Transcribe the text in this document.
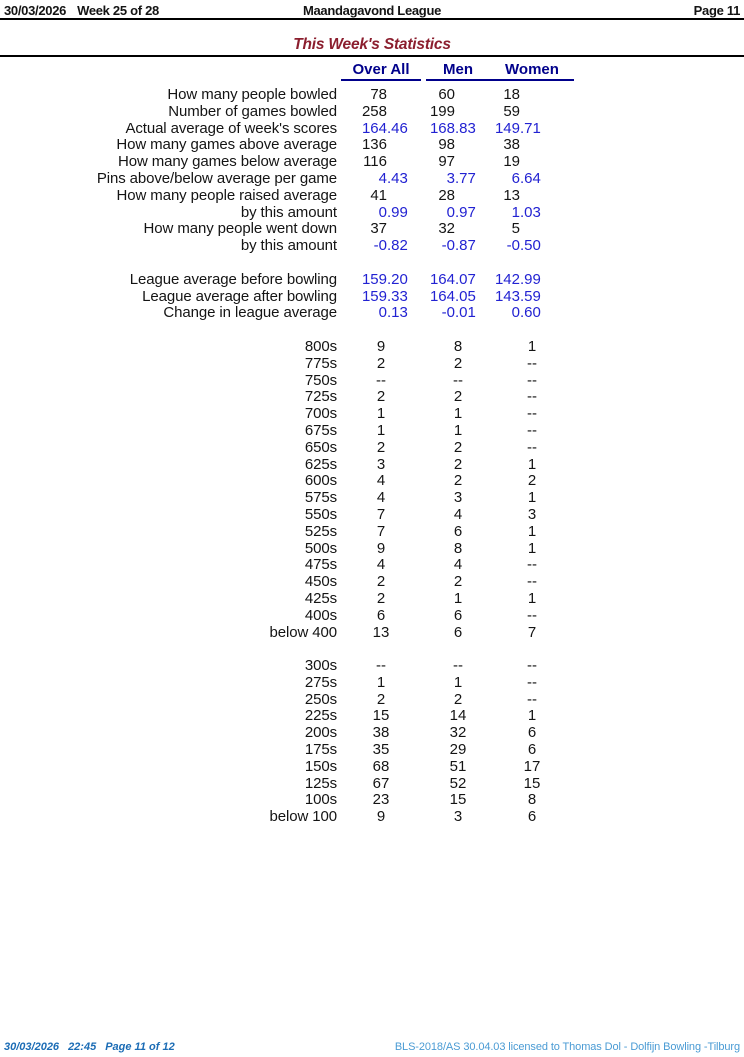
30/03/2026 Week 25 of 28	Maandagavond League	Page 11
This Week's Statistics
Over All	Men	Women
How many people bowled	78	60	18
Number of games bowled	258	199	59
Actual average of week's scores	164 .46	168 .83	149 .71
How many games above average	136	98	38
How many games below average	116	97	19
Pins above/below average per game	4 .43	3 .77	6 .64
How many people raised average	41	28	13
by this amount	0 .99	0 .97	1 .03
How many people went down	37	32	5
by this amount	-0 .82	-0 .87	-0 .50
League average before bowling	159 .20	164 .07	142 .99
League average after bowling	159 .33	164 .05	143 .59
Change in league average	0 .13	-0 .01	0 .60
800s	9	8	1
775s	2	2	--
750s	--	--	--
725s	2	2	--
700s	1	1	--
675s	1	1	--
650s	2	2	--
625s	3	2	1
600s	4	2	2
575s	4	3	1
550s	7	4	3
525s	7	6	1
500s	9	8	1
475s	4	4	--
450s	2	2	--
425s	2	1	1
400s	6	6	--
below 400	13	6	7
300s	--	--	--
275s	1	1	--
250s	2	2	--
225s	15	14	1
200s	38	32	6
175s	35	29	6
150s	68	51	17
125s	67	52	15
100s	23	15	8
below 100	9	3	6
30/03/2026 22:45 Page 11 of 12	BLS-2018/AS 30.04.03 licensed to Thomas Dol - Dolfijn Bowling -Tilburg
